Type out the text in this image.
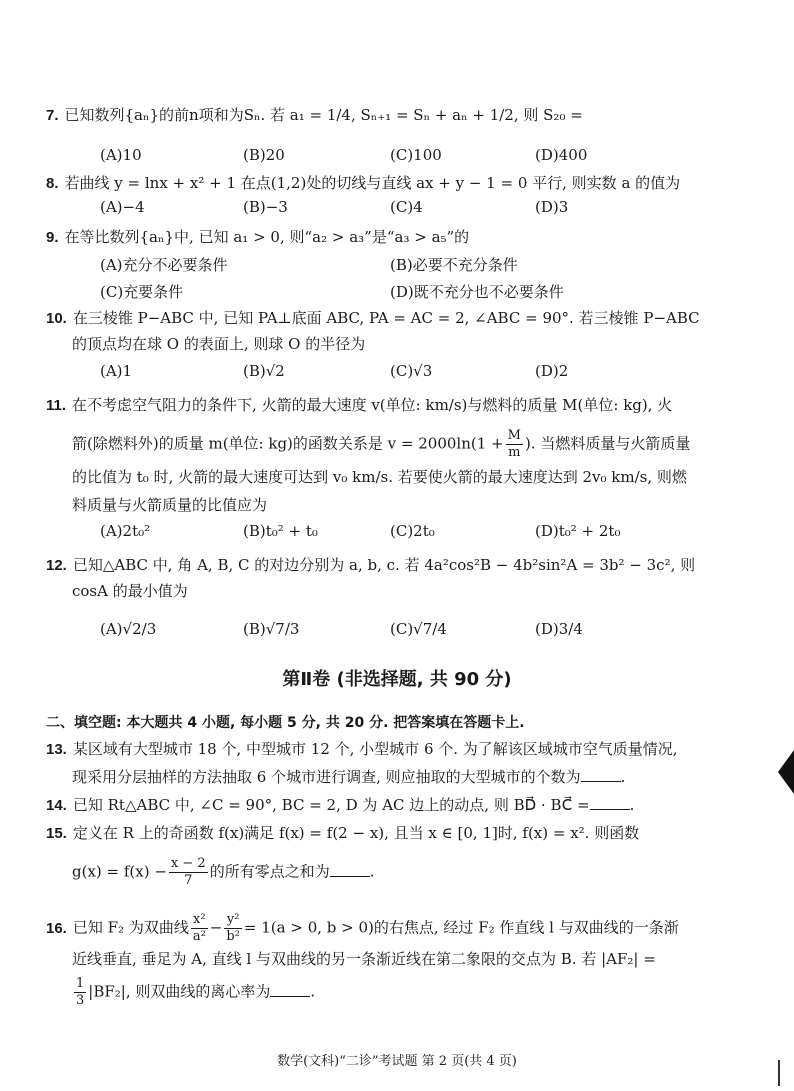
7. 已知数列{aₙ}的前n项和为Sₙ. 若 a₁ = 1/4, Sₙ₊₁ = Sₙ + aₙ + 1/2, 则 S₂₀ =
(A)10	(B)20	(C)100	(D)400
8. 若曲线 y = lnx + x² + 1 在点(1,2)处的切线与直线 ax + y − 1 = 0 平行, 则实数 a 的值为
(A)−4	(B)−3	(C)4	(D)3
9. 在等比数列{aₙ}中, 已知 a₁ > 0, 则“a₂ > a₃”是“a₃ > a₅”的
(A)充分不必要条件	(B)必要不充分条件
(C)充要条件	(D)既不充分也不必要条件
10. 在三棱锥 P−ABC 中, 已知 PA⊥底面 ABC, PA = AC = 2, ∠ABC = 90°. 若三棱锥 P−ABC
的顶点均在球 O 的表面上, 则球 O 的半径为
(A)1	(B)√2	(C)√3	(D)2
11. 在不考虑空气阻力的条件下, 火箭的最大速度 v(单位: km/s)与燃料的质量 M(单位: kg), 火
箭(除燃料外)的质量 m(单位: kg)的函数关系是 $v = 2000\ln(1 + \frac{M}{m}$ ). 当燃料质量与火箭质量
的比值为 t₀ 时, 火箭的最大速度可达到 v₀ km/s. 若要使火箭的最大速度达到 2v₀ km/s, 则燃
料质量与火箭质量的比值应为
(A)2t₀²	(B)t₀² + t₀	(C)2t₀	(D)t₀² + 2t₀
12. 已知△ABC 中, 角 A, B, C 的对边分别为 a, b, c. 若 4a²cos²B − 4b²sin²A = 3b² − 3c², 则
cosA 的最小值为
(A)√2/3	(B)√7/3	(C)√7/4	(D)3/4
第Ⅱ卷 (非选择题, 共 90 分)
二、填空题: 本大题共 4 小题, 每小题 5 分, 共 20 分. 把答案填在答题卡上.
13. 某区域有大型城市 18 个, 中型城市 12 个, 小型城市 6 个. 为了解该区域城市空气质量情况,
现采用分层抽样的方法抽取 6 个城市进行调查, 则应抽取的大型城市的个数为	.
14. 已知 Rt△ABC 中, ∠C = 90°, BC = 2, D 为 AC 边上的动点, 则 BD⃗ · BC⃗ =	.
15. 定义在 R 上的奇函数 f(x)满足 f(x) = f(2 − x), 且当 x ∈ [0, 1]时, f(x) = x². 则函数
$g(x) = f(x) - \frac{x - 2}{7}$ 的所有零点之和为	.
16. 已知 F₂ 为双曲线 $\frac{\text{x²}}{\text{a²}} - \frac{\text{y²}}{\text{b²}} = 1(a > 0$, b > 0)的右焦点, 经过 F₂ 作直线 l 与双曲线的一条渐
近线垂直, 垂足为 A, 直线 l 与双曲线的另一条渐近线在第二象限的交点为 B. 若 |AF₂| =
$\frac{1}{3} |BF_2|$, 则双曲线的离心率为	.
数学(文科)“二诊”考试题 第 2 页(共 4 页)
